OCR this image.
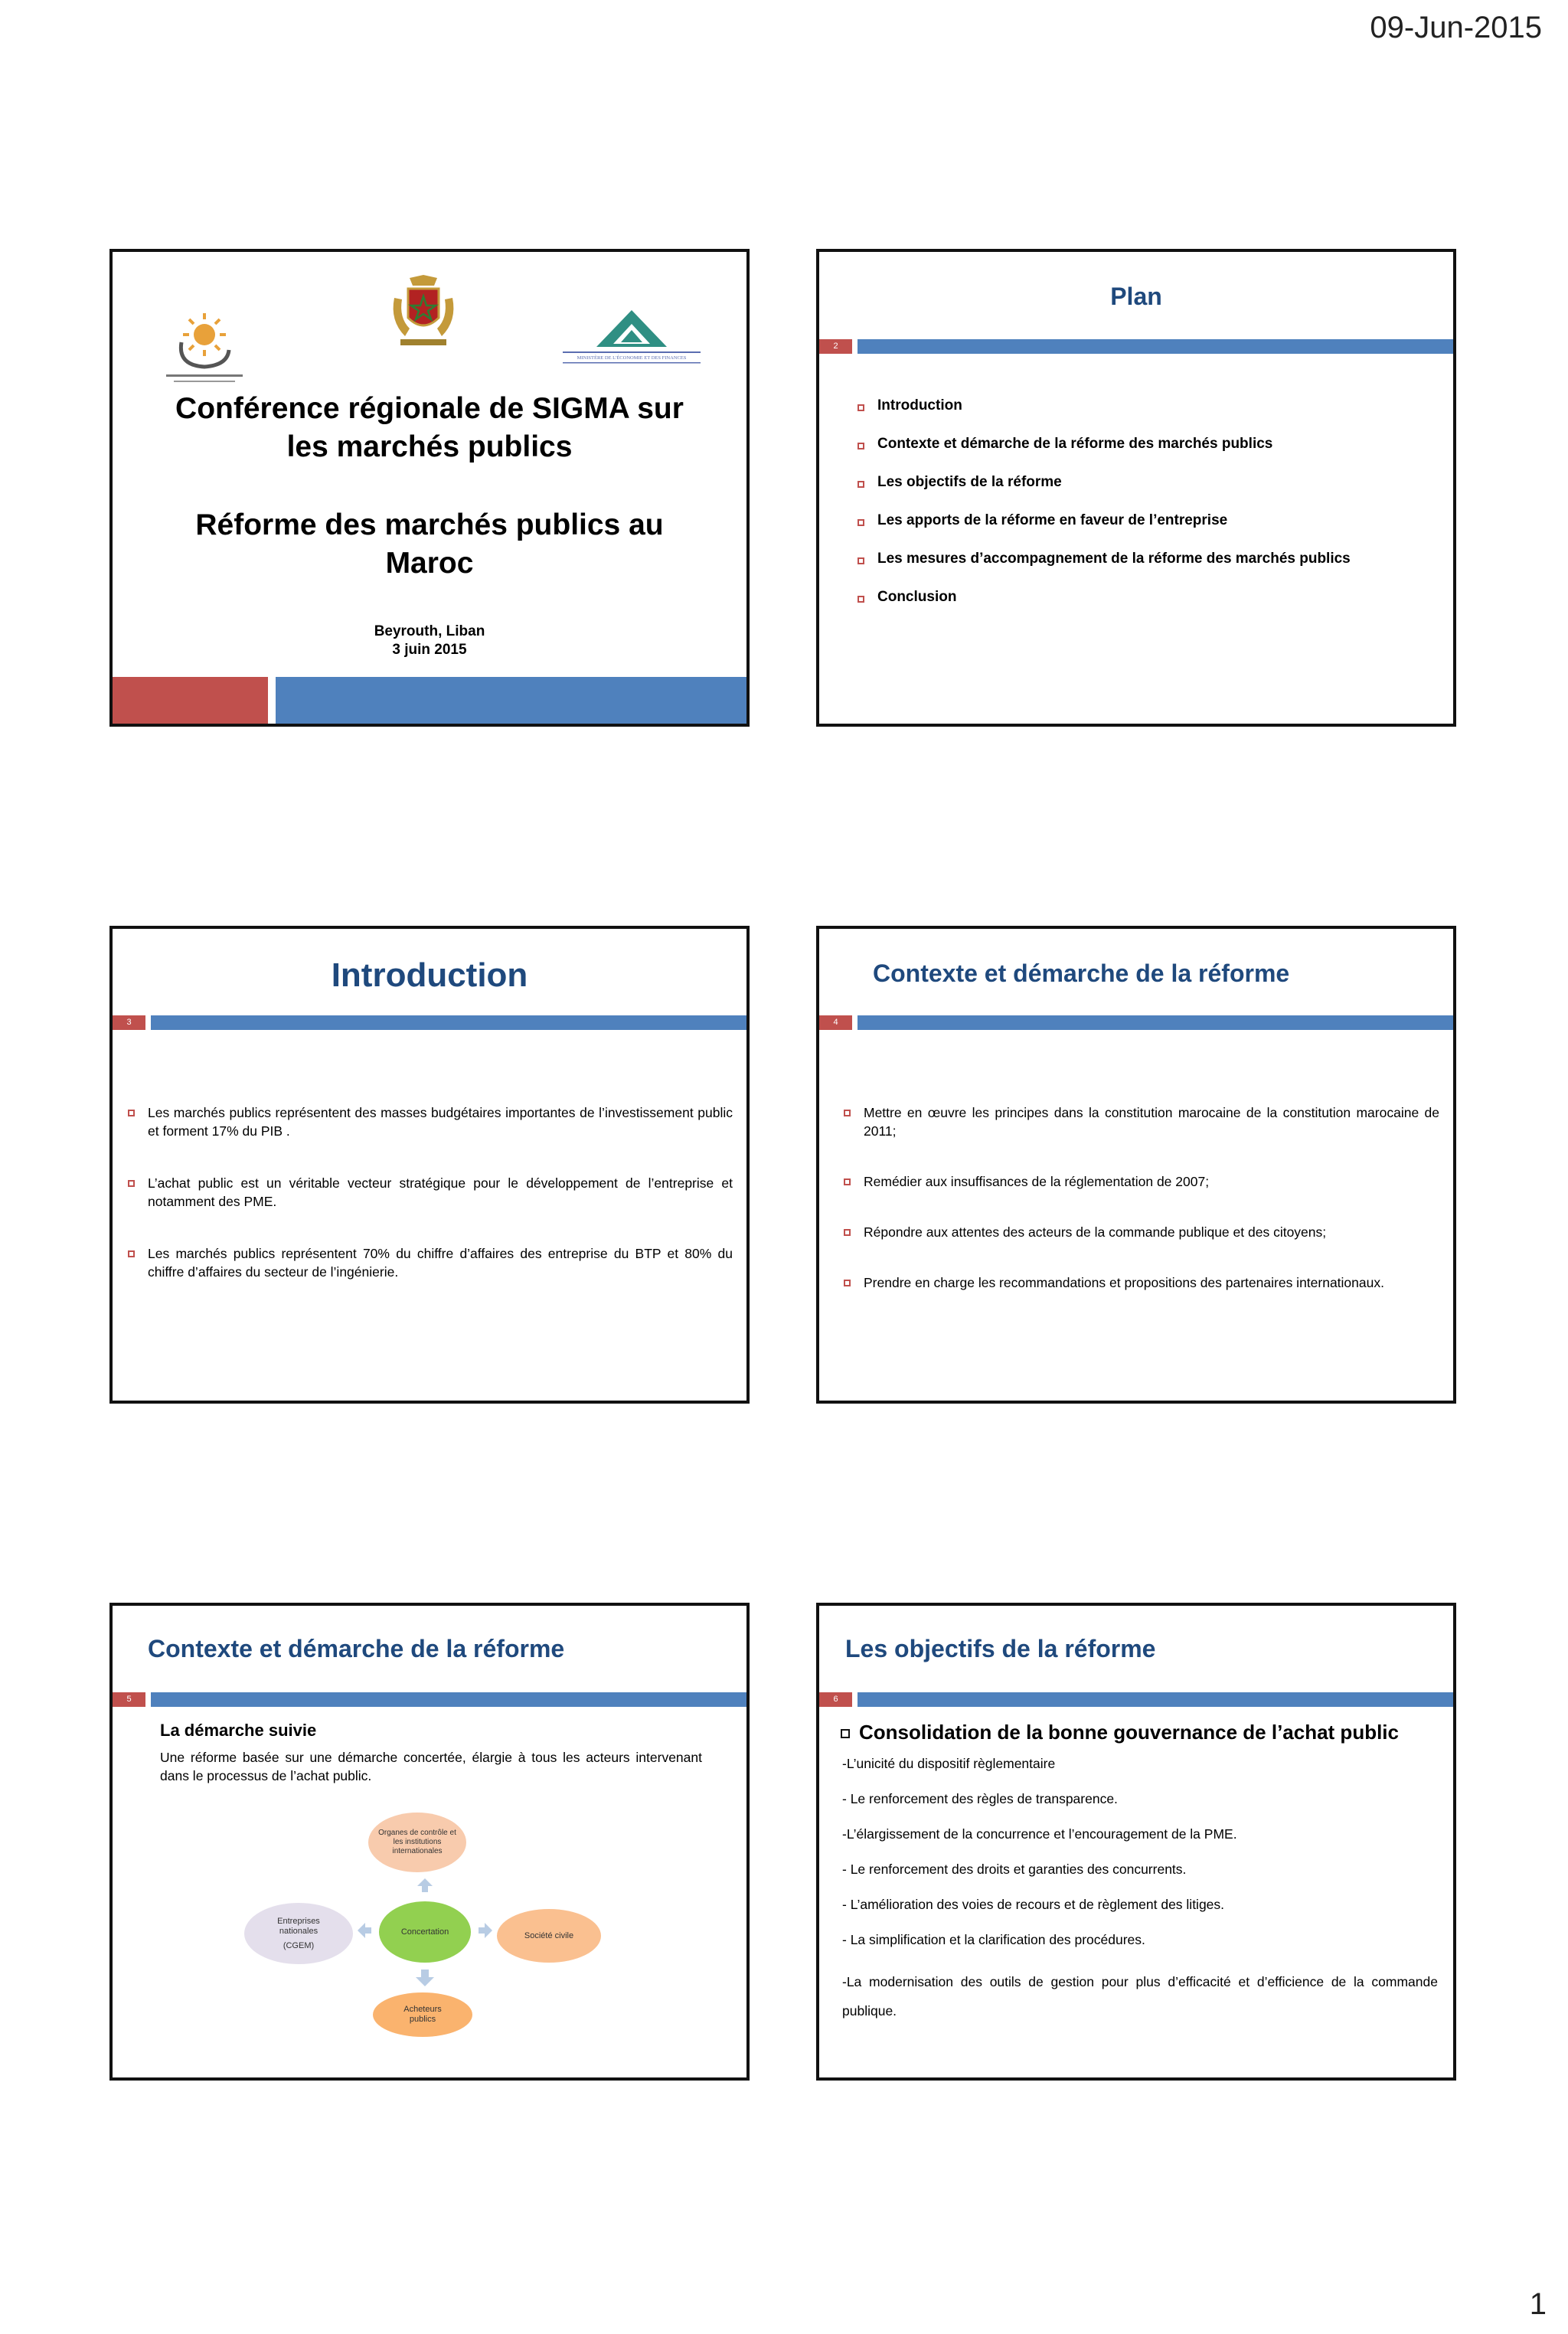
09-Jun-2015
MINISTÈRE DE L'ÉCONOMIE ET DES FINANCES
Conférence régionale de SIGMA sur
les marchés publics
Réforme des marchés publics au
Maroc
Beyrouth, Liban
3 juin 2015
Plan
2
Introduction
Contexte et démarche de la réforme des marchés publics
Les objectifs de la réforme
Les apports de la réforme en faveur de l’entreprise
Les mesures d’accompagnement de la réforme des marchés publics
Conclusion
Introduction
3
Les marchés publics représentent des masses budgétaires importantes de l’investissement public et forment 17% du PIB .
L’achat public est un véritable vecteur stratégique pour le développement de l’entreprise et notamment des PME.
Les marchés publics représentent 70% du chiffre d’affaires des entreprise du BTP et 80% du chiffre d’affaires du secteur de l’ingénierie.
Contexte et démarche de la réforme
4
Mettre en œuvre les principes dans la constitution marocaine de la constitution marocaine de 2011;
Remédier aux insuffisances de la réglementation de 2007;
Répondre aux attentes des acteurs de la commande publique et des citoyens;
Prendre en charge les recommandations et propositions des partenaires internationaux.
Contexte et démarche de la réforme
5
La démarche suivie
Une réforme basée sur une démarche concertée, élargie à tous les acteurs intervenant dans le processus de l’achat public.
Organes de contrôle et les institutions internationales
Concertation
Entreprises nationales
(CGEM)
Société civile
Acheteurs
publics
Les objectifs de la réforme
6
Consolidation de la bonne gouvernance de l’achat public
-L’unicité du dispositif règlementaire
- Le renforcement des règles de transparence.
-L’élargissement de la concurrence et l’encouragement de la PME.
- Le renforcement des droits et garanties des concurrents.
- L’amélioration des voies de recours et de règlement des litiges.
- La simplification et la clarification des procédures.
-La modernisation des outils de gestion pour plus d’efficacité et d’efficience de la commande publique.
1
